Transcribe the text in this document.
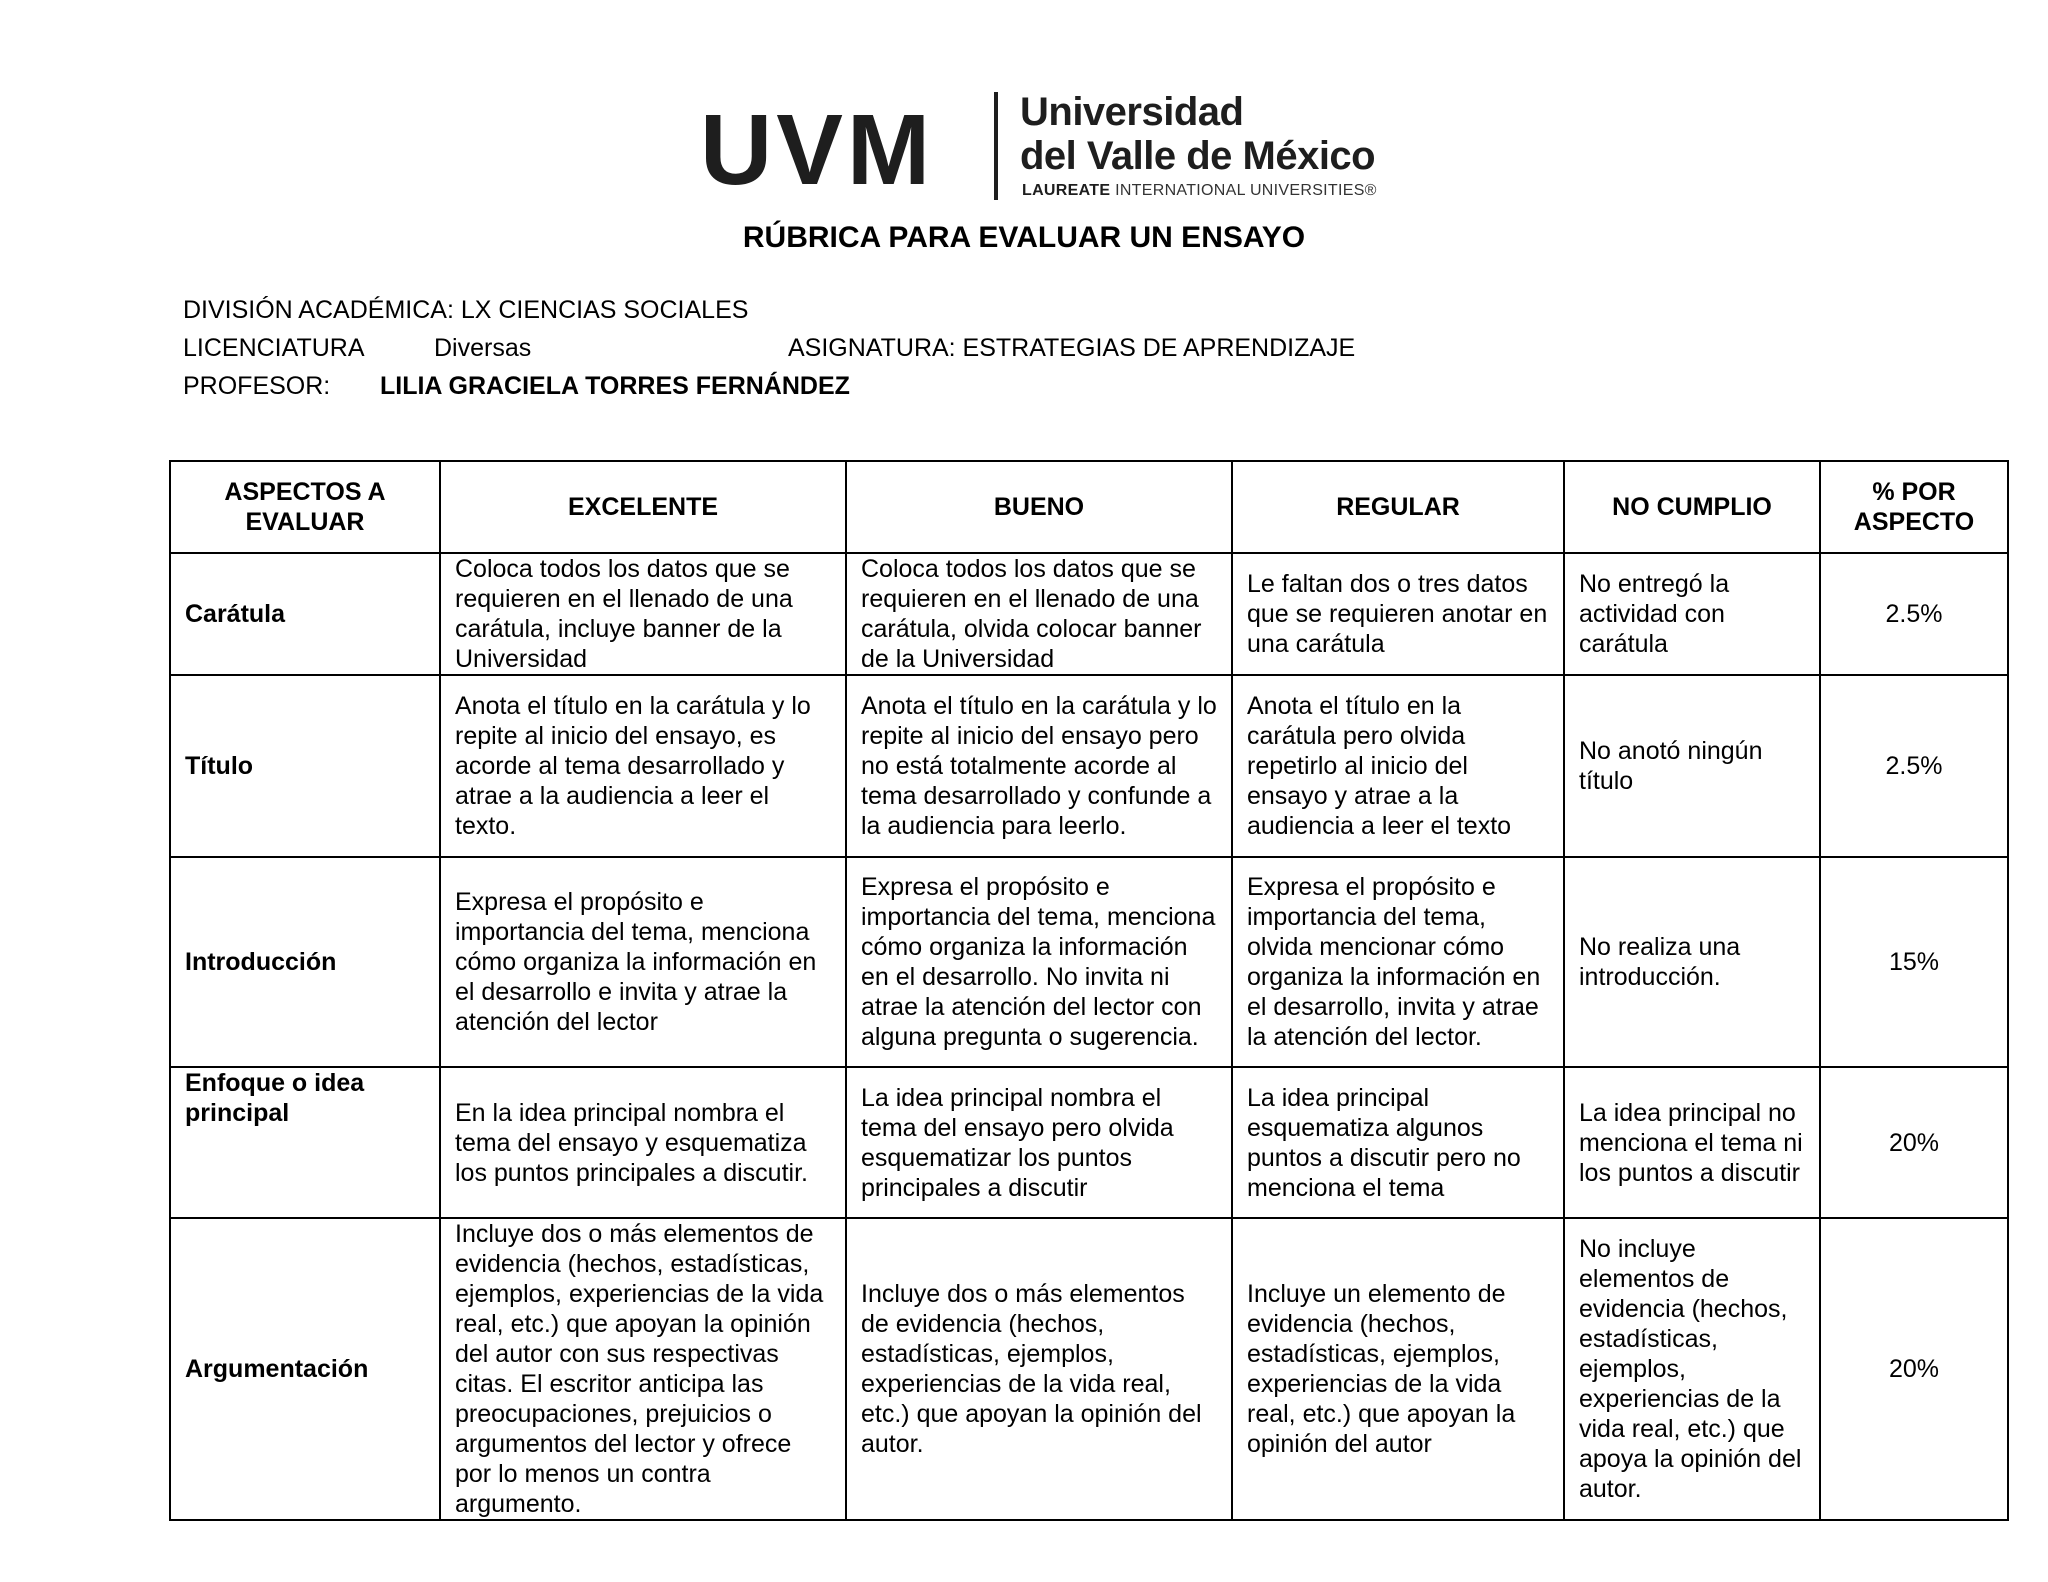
UVM Universidad
del Valle de México
LAUREATE INTERNATIONAL UNIVERSITIES®
RÚBRICA PARA EVALUAR UN ENSAYO
DIVISIÓN ACADÉMICA: LX CIENCIAS SOCIALES
LICENCIATURA	Diversas	ASIGNATURA: ESTRATEGIAS DE APRENDIZAJE
PROFESOR: LILIA GRACIELA TORRES FERNÁNDEZ
ASPECTOS A EVALUAR	EXCELENTE	BUENO	REGULAR	NO CUMPLIO	% POR ASPECTO
Carátula	Coloca todos los datos que se requieren en el llenado de una carátula, incluye banner de la Universidad	Coloca todos los datos que se requieren en el llenado de una carátula, olvida colocar banner de la Universidad	Le faltan dos o tres datos que se requieren anotar en una carátula	No entregó la actividad con carátula	2.5%
Título	Anota el título en la carátula y lo repite al inicio del ensayo, es acorde al tema desarrollado y atrae a la audiencia a leer el texto.	Anota el título en la carátula y lo repite al inicio del ensayo pero no está totalmente acorde al tema desarrollado y confunde a la audiencia para leerlo.	Anota el título en la carátula pero olvida repetirlo al inicio del ensayo y atrae a la audiencia a leer el texto	No anotó ningún título	2.5%
Introducción	Expresa el propósito e importancia del tema, menciona cómo organiza la información en el desarrollo e invita y atrae la atención del lector	Expresa el propósito e importancia del tema, menciona cómo organiza la información en el desarrollo. No invita ni atrae la atención del lector con alguna pregunta o sugerencia.	Expresa el propósito e importancia del tema, olvida mencionar cómo organiza la información en el desarrollo, invita y atrae la atención del lector.	No realiza una introducción.	15%
Enfoque o idea principal	En la idea principal nombra el tema del ensayo y esquematiza los puntos principales a discutir.	La idea principal nombra el tema del ensayo pero olvida esquematizar los puntos principales a discutir	La idea principal esquematiza algunos puntos a discutir pero no menciona el tema	La idea principal no menciona el tema ni los puntos a discutir	20%
Argumentación	Incluye dos o más elementos de evidencia (hechos, estadísticas, ejemplos, experiencias de la vida real, etc.) que apoyan la opinión del autor con sus respectivas citas. El escritor anticipa las preocupaciones, prejuicios o argumentos del lector y ofrece por lo menos un contra argumento.	Incluye dos o más elementos de evidencia (hechos, estadísticas, ejemplos, experiencias de la vida real, etc.) que apoyan la opinión del autor.	Incluye un elemento de evidencia (hechos, estadísticas, ejemplos, experiencias de la vida real, etc.) que apoyan la opinión del autor	No incluye elementos de evidencia (hechos, estadísticas, ejemplos, experiencias de la vida real, etc.) que apoya la opinión del autor.	20%
